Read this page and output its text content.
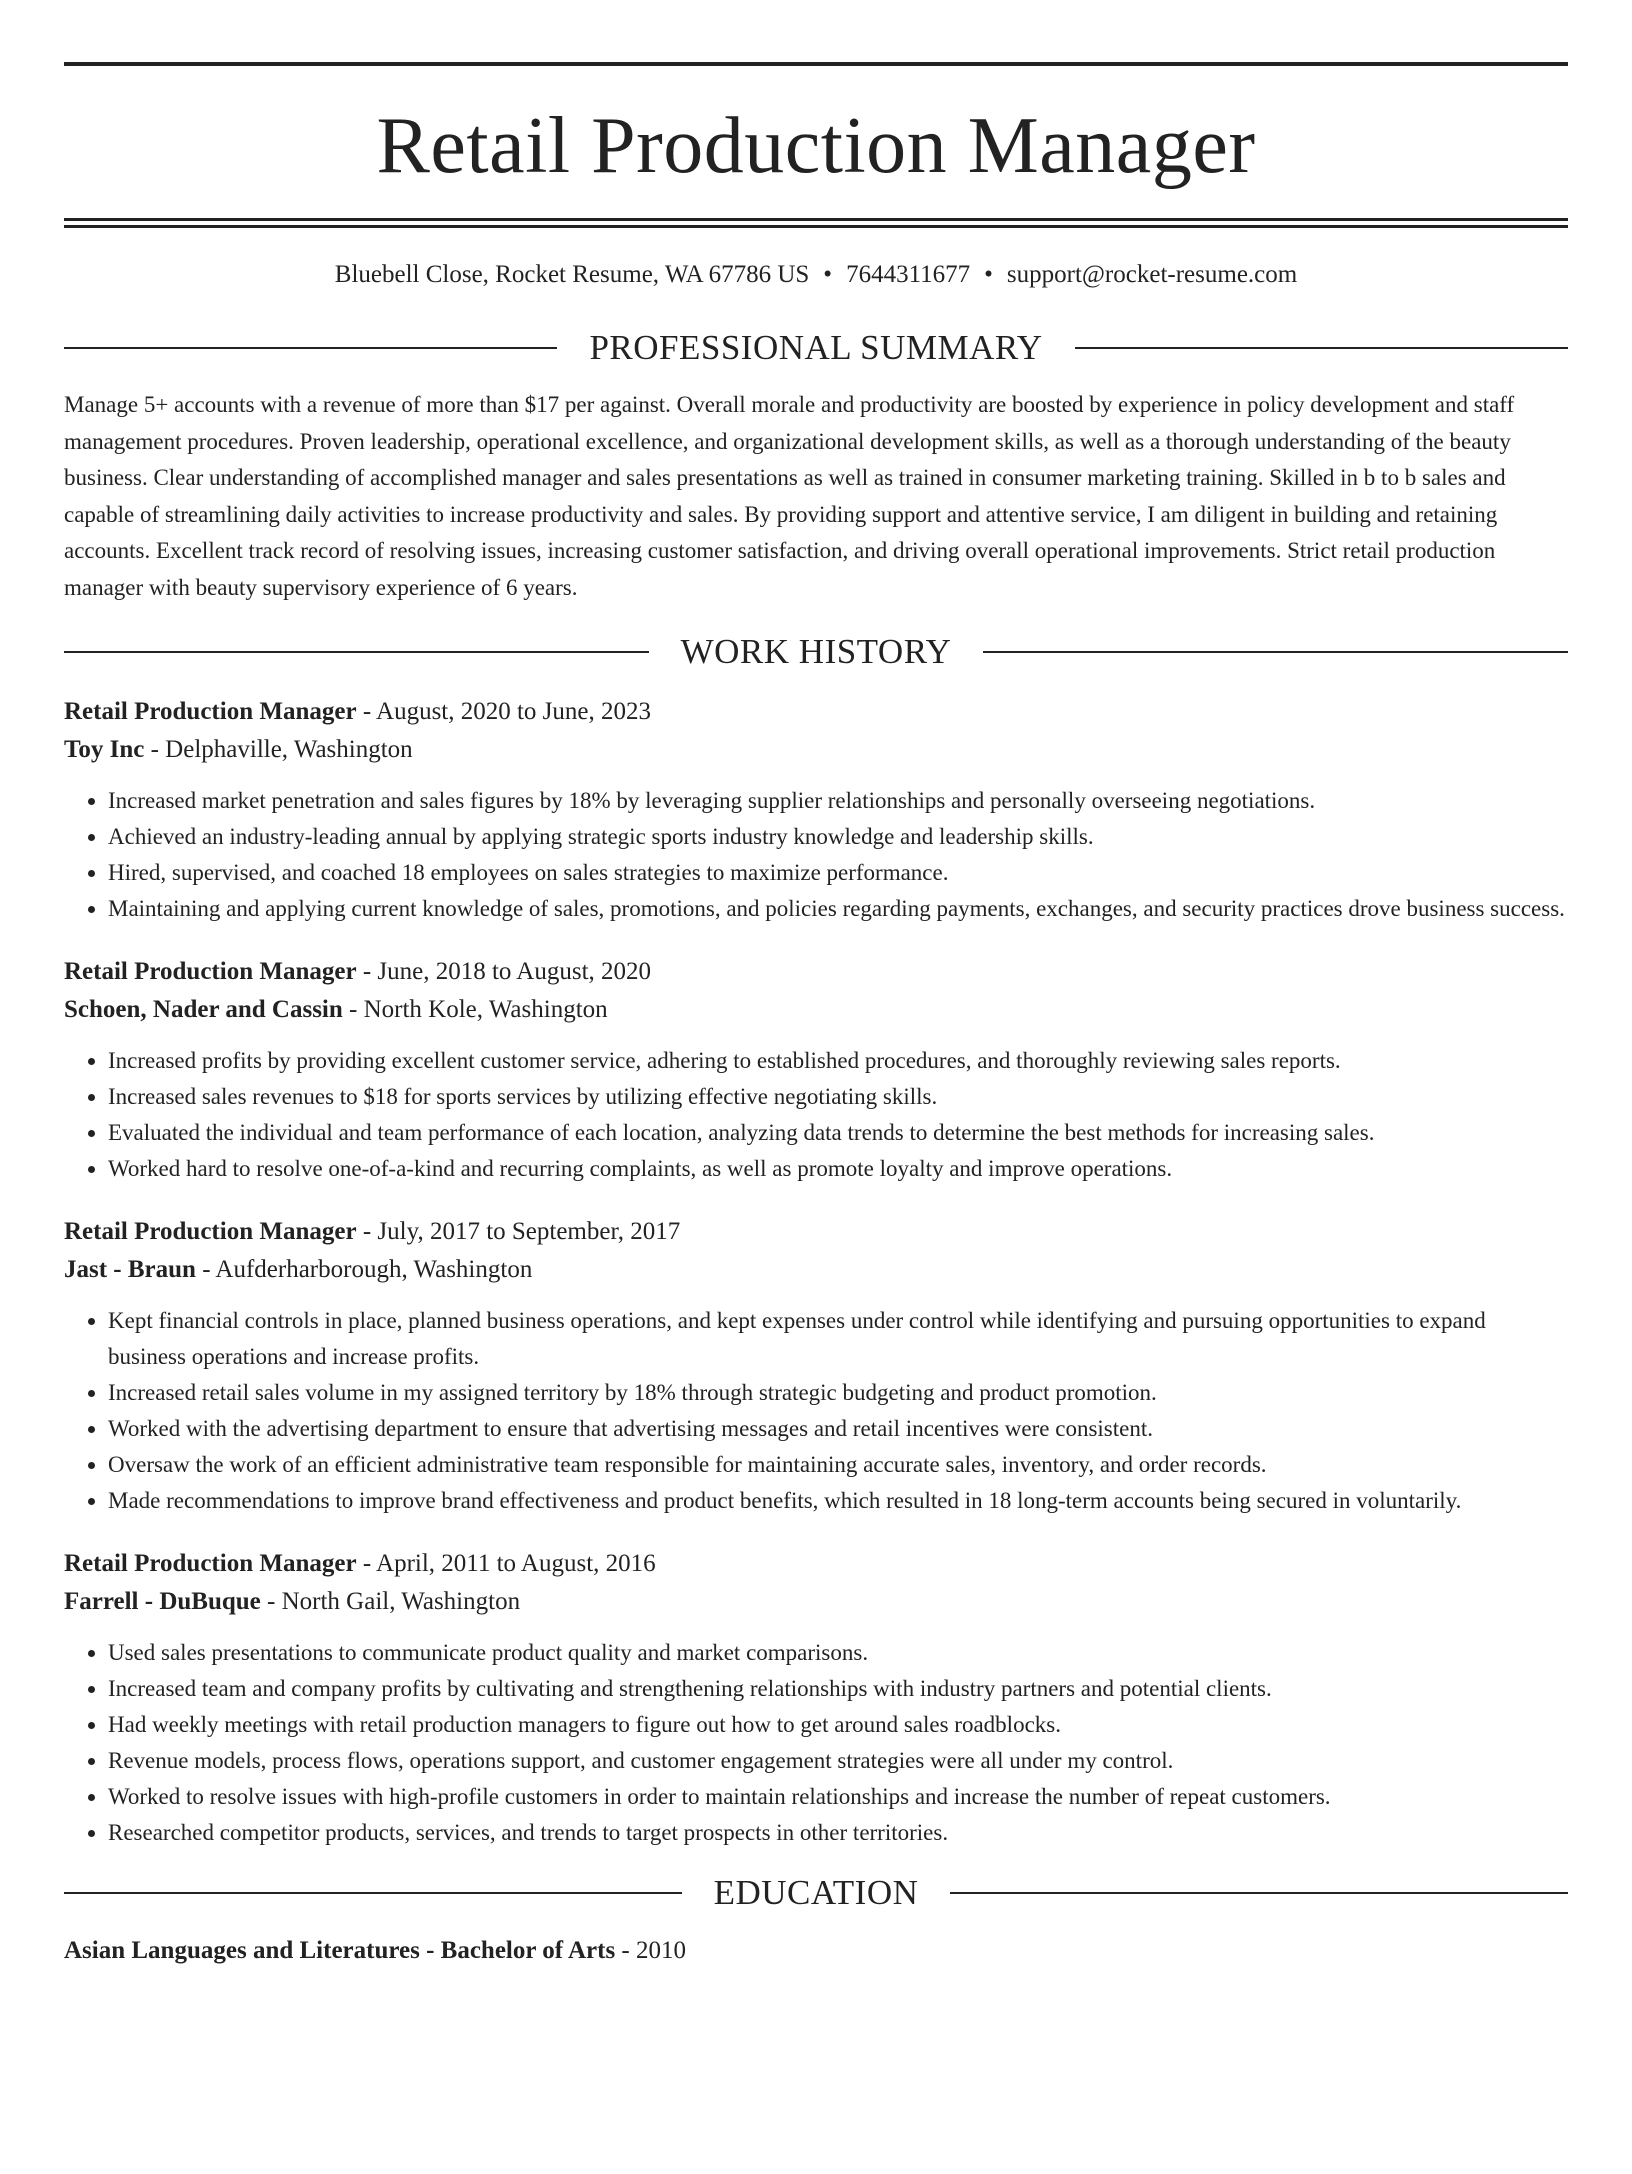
Retail Production Manager
Bluebell Close, Rocket Resume, WA 67786 US • 7644311677 • support@rocket-resume.com
PROFESSIONAL SUMMARY

Manage 5+ accounts with a revenue of more than $17 per against. Overall morale and productivity are boosted by experience in policy development and staff management procedures. Proven leadership, operational excellence, and organizational development skills, as well as a thorough understanding of the beauty business. Clear understanding of accomplished manager and sales presentations as well as trained in consumer marketing training. Skilled in b to b sales and capable of streamlining daily activities to increase productivity and sales. By providing support and attentive service, I am diligent in building and retaining accounts. Excellent track record of resolving issues, increasing customer satisfaction, and driving overall operational improvements. Strict retail production manager with beauty supervisory experience of 6 years.

WORK HISTORY
Retail Production Manager - August, 2020 to June, 2023
Toy Inc - Delphaville, Washington
• Increased market penetration and sales figures by 18% by leveraging supplier relationships and personally overseeing negotiations.
• Achieved an industry-leading annual by applying strategic sports industry knowledge and leadership skills.
• Hired, supervised, and coached 18 employees on sales strategies to maximize performance.
• Maintaining and applying current knowledge of sales, promotions, and policies regarding payments, exchanges, and security practices drove business success.
Retail Production Manager - June, 2018 to August, 2020
Schoen, Nader and Cassin - North Kole, Washington
• Increased profits by providing excellent customer service, adhering to established procedures, and thoroughly reviewing sales reports.
• Increased sales revenues to $18 for sports services by utilizing effective negotiating skills.
• Evaluated the individual and team performance of each location, analyzing data trends to determine the best methods for increasing sales.
• Worked hard to resolve one-of-a-kind and recurring complaints, as well as promote loyalty and improve operations.
Retail Production Manager - July, 2017 to September, 2017
Jast - Braun - Aufderharborough, Washington
• Kept financial controls in place, planned business operations, and kept expenses under control while identifying and pursuing opportunities to expand business operations and increase profits.
• Increased retail sales volume in my assigned territory by 18% through strategic budgeting and product promotion.
• Worked with the advertising department to ensure that advertising messages and retail incentives were consistent.
• Oversaw the work of an efficient administrative team responsible for maintaining accurate sales, inventory, and order records.
• Made recommendations to improve brand effectiveness and product benefits, which resulted in 18 long-term accounts being secured in voluntarily.
Retail Production Manager - April, 2011 to August, 2016
Farrell - DuBuque - North Gail, Washington
• Used sales presentations to communicate product quality and market comparisons.
• Increased team and company profits by cultivating and strengthening relationships with industry partners and potential clients.
• Had weekly meetings with retail production managers to figure out how to get around sales roadblocks.
• Revenue models, process flows, operations support, and customer engagement strategies were all under my control.
• Worked to resolve issues with high-profile customers in order to maintain relationships and increase the number of repeat customers.
• Researched competitor products, services, and trends to target prospects in other territories.
EDUCATION
Asian Languages and Literatures - Bachelor of Arts - 2010
